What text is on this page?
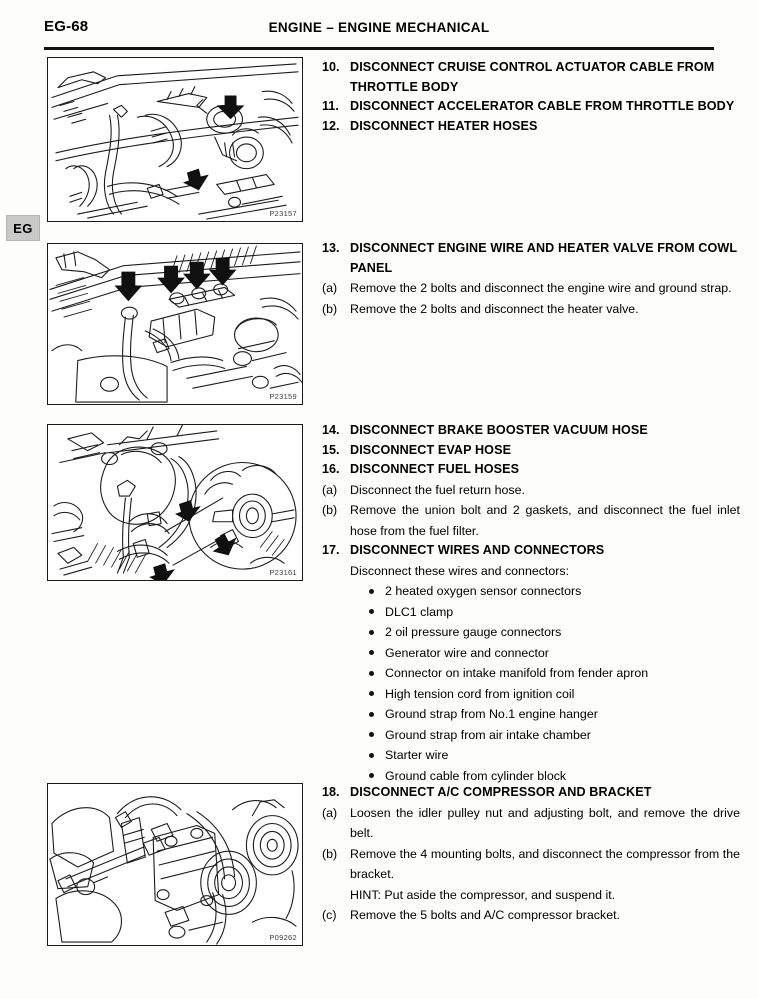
EG-68	ENGINE – ENGINE MECHANICAL
EG
P23157
P23159
P23161
P09262
10. DISCONNECT CRUISE CONTROL ACTUATOR CABLE FROM THROTTLE BODY
11. DISCONNECT ACCELERATOR CABLE FROM THROTTLE BODY
12. DISCONNECT HEATER HOSES
13. DISCONNECT ENGINE WIRE AND HEATER VALVE FROM COWL PANEL
(a)	Remove the 2 bolts and disconnect the engine wire and ground strap.
(b)	Remove the 2 bolts and disconnect the heater valve.
14. DISCONNECT BRAKE BOOSTER VACUUM HOSE
15. DISCONNECT EVAP HOSE
16. DISCONNECT FUEL HOSES
(a)	Disconnect the fuel return hose.
(b)	Remove the union bolt and 2 gaskets, and disconnect the fuel inlet hose from the fuel filter.
17. DISCONNECT WIRES AND CONNECTORS
Disconnect these wires and connectors:
2 heated oxygen sensor connectors
DLC1 clamp
2 oil pressure gauge connectors
Generator wire and connector
Connector on intake manifold from fender apron
High tension cord from ignition coil
Ground strap from No.1 engine hanger
Ground strap from air intake chamber
Starter wire
Ground cable from cylinder block
18. DISCONNECT A/C COMPRESSOR AND BRACKET
(a)	Loosen the idler pulley nut and adjusting bolt, and remove the drive belt.
(b)	Remove the 4 mounting bolts, and disconnect the compressor from the bracket.
HINT: Put aside the compressor, and suspend it.
(c)	Remove the 5 bolts and A/C compressor bracket.
